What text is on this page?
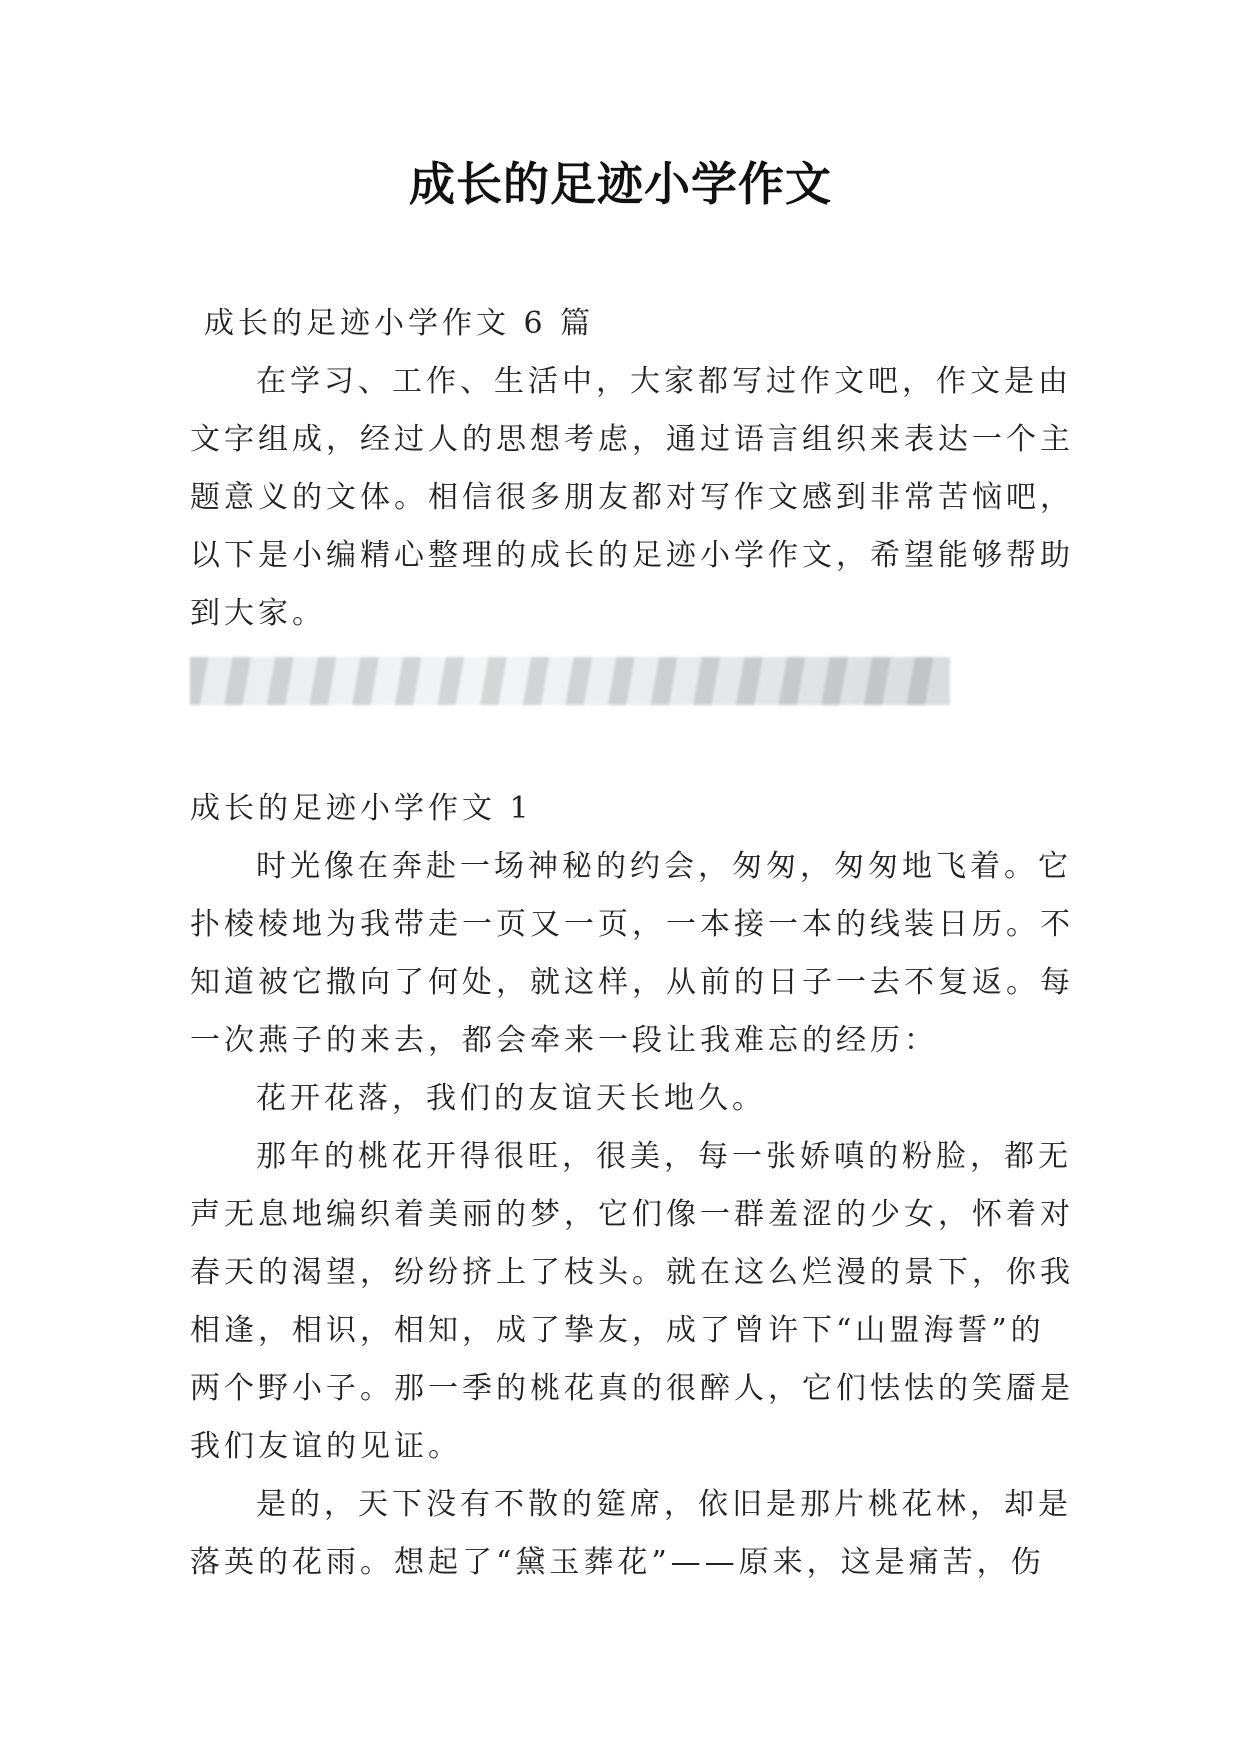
成长的足迹小学作文

成长的足迹小学作文 6 篇

在学习、工作、生活中，大家都写过作文吧，作文是由

文字组成，经过人的思想考虑，通过语言组织来表达一个主

题意义的文体。相信很多朋友都对写作文感到非常苦恼吧，

以下是小编精心整理的成长的足迹小学作文，希望能够帮助

到大家。

成长的足迹小学作文 1

时光像在奔赴一场神秘的约会，匆匆，匆匆地飞着。它

扑棱棱地为我带走一页又一页，一本接一本的线装日历。不

知道被它撒向了何处，就这样，从前的日子一去不复返。每

一次燕子的来去，都会牵来一段让我难忘的经历：

花开花落，我们的友谊天长地久。

那年的桃花开得很旺，很美，每一张娇嗔的粉脸，都无

声无息地编织着美丽的梦，它们像一群羞涩的少女，怀着对

春天的渴望，纷纷挤上了枝头。就在这么烂漫的景下，你我

相逢，相识，相知，成了挚友，成了曾许下“山盟海誓”的

两个野小子。那一季的桃花真的很醉人，它们怯怯的笑靥是

我们友谊的见证。

是的，天下没有不散的筵席，依旧是那片桃花林，却是

落英的花雨。想起了“黛玉葬花”——原来，这是痛苦，伤
